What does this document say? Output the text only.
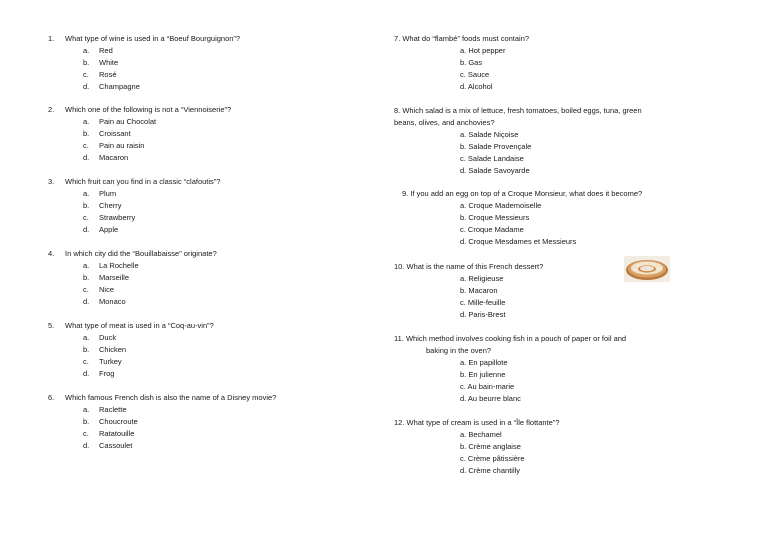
1. What type of wine is used in a “Boeuf Bourguignon”?
a. Red
b. White
c. Rosé
d. Champagne
2. Which one of the following is not a “Viennoiserie”?
a. Pain au Chocolat
b. Croissant
c. Pain au raisin
d. Macaron
3. Which fruit can you find in a classic “clafoutis”?
a. Plum
b. Cherry
c. Strawberry
d. Apple
4. In which city did the “Bouillabaisse” originate?
a. La Rochelle
b. Marseille
c. Nice
d. Monaco
5. What type of meat is used in a “Coq-au-vin”?
a. Duck
b. Chicken
c. Turkey
d. Frog
6. Which famous French dish is also the name of a Disney movie?
a. Raclette
b. Choucroute
c. Ratatouille
d. Cassoulet
7. What do “flambé” foods must contain?
a. Hot pepper
b. Gas
c. Sauce
d. Alcohol
8. Which salad is a mix of lettuce, fresh tomatoes, boiled eggs, tuna, green
beans, olives, and anchovies?
a. Salade Niçoise
b. Salade Provençale
c. Salade Landaise
d. Salade Savoyarde
9. If you add an egg on top of a Croque Monsieur, what does it become?
a. Croque Mademoiselle
b. Croque Messieurs
c. Croque Madame
d. Croque Mesdames et Messieurs
10. What is the name of this French dessert?
a. Religieuse
b. Macaron
c. Mille-feuille
d. Paris-Brest
11. Which method involves cooking fish in a pouch of paper or foil and
baking in the oven?
a. En papillote
b. En julienne
c. Au bain-marie
d. Au beurre blanc
12. What type of cream is used in a “Île flottante”?
a. Bechamel
b. Crème anglaise
c. Crème pâtissière
d. Crème chantilly
